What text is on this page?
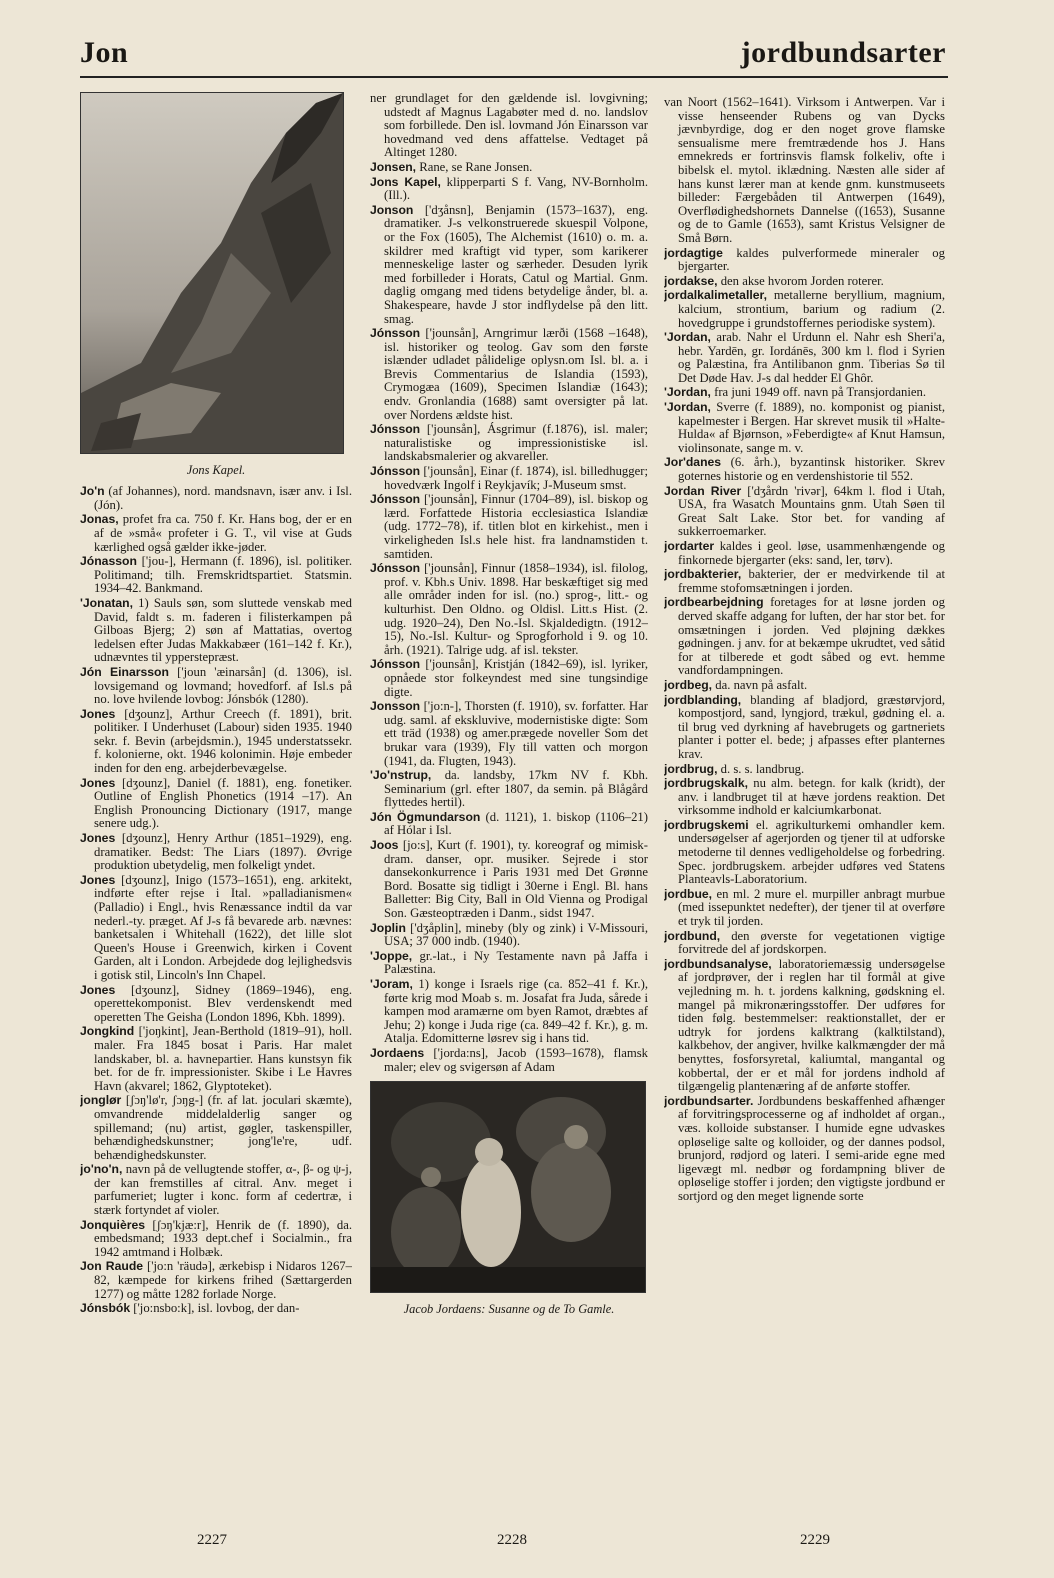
Jon	jordbundsarter
Jons Kapel.
Jo'n (af Johannes), nord. mandsnavn, især anv. i Isl. (Jón).
Jonas, profet fra ca. 750 f. Kr. Hans bog, der er en af de »små« profeter i G. T., vil vise at Guds kærlighed også gælder ikke-jøder.
Jónasson ['jou-], Hermann (f. 1896), isl. politiker. Politimand; tilh. Fremskridtspartiet. Statsmin. 1934–42. Bankmand.
'Jonatan, 1) Sauls søn, som sluttede venskab med David, faldt s. m. faderen i filisterkampen på Gilboas Bjerg; 2) søn af Mattatias, overtog ledelsen efter Judas Makkabæer (161–142 f. Kr.), udnævntes til ypperstepræst.
Jón Einarsson ['joun 'æinarsån] (d. 1306), isl. lovsigemand og lovmand; hovedforf. af Isl.s på no. love hvilende lovbog: Jónsbók (1280).
Jones [dʒounz], Arthur Creech (f. 1891), brit. politiker. I Underhuset (Labour) siden 1935. 1940 sekr. f. Bevin (arbejdsmin.), 1945 understatssekr. f. kolonierne, okt. 1946 kolonimin. Høje embeder inden for den eng. arbejderbevægelse.
Jones [dʒounz], Daniel (f. 1881), eng. fonetiker. Outline of English Phonetics (1914 –17). An English Pronouncing Dictionary (1917, mange senere udg.).
Jones [dʒounz], Henry Arthur (1851–1929), eng. dramatiker. Bedst: The Liars (1897). Øvrige produktion ubetydelig, men folkeligt yndet.
Jones [dʒounz], Inigo (1573–1651), eng. arkitekt, indførte efter rejse i Ital. »palladianismen« (Palladio) i Engl., hvis Renæssance indtil da var nederl.-ty. præget. Af J-s få bevarede arb. nævnes: banketsalen i Whitehall (1622), det lille slot Queen's House i Greenwich, kirken i Covent Garden, alt i London. Arbejdede dog lejlighedsvis i gotisk stil, Lincoln's Inn Chapel.
Jones [dʒounz], Sidney (1869–1946), eng. operettekomponist. Blev verdenskendt med operetten The Geisha (London 1896, Kbh. 1899).
Jongkind ['joŋkint], Jean-Berthold (1819–91), holl. maler. Fra 1845 bosat i Paris. Har malet landskaber, bl. a. havnepartier. Hans kunstsyn fik bet. for de fr. impressionister. Skibe i Le Havres Havn (akvarel; 1862, Glyptoteket).
jonglør [ʃɔŋ'lø'r, ʃɔŋg-] (fr. af lat. joculari skæmte), omvandrende middelalderlig sanger og spillemand; (nu) artist, gøgler, taskenspiller, behændighedskunstner; jong'le're, udf. behændighedskunster.
jo'no'n, navn på de vellugtende stoffer, α-, β- og ψ-j, der kan fremstilles af citral. Anv. meget i parfumeriet; lugter i konc. form af cedertræ, i stærk fortyndet af violer.
Jonquières [ʃɔŋ'kjæ:r], Henrik de (f. 1890), da. embedsmand; 1933 dept.chef i Socialmin., fra 1942 amtmand i Holbæk.
Jon Raude ['jo:n 'räudə], ærkebisp i Nidaros 1267–82, kæmpede for kirkens frihed (Sættargerden 1277) og måtte 1282 forlade Norge.
Jónsbók ['jo:nsbo:k], isl. lovbog, der dan-
ner grundlaget for den gældende isl. lovgivning; udstedt af Magnus Lagabøter med d. no. landslov som forbillede. Den isl. lovmand Jón Einarsson var hovedmand ved dens affattelse. Vedtaget på Altinget 1280.
Jonsen, Rane, se Rane Jonsen.
Jons Kapel, klipperparti S f. Vang, NV-Bornholm. (Ill.).
Jonson ['dʒånsn], Benjamin (1573–1637), eng. dramatiker. J-s velkonstruerede skuespil Volpone, or the Fox (1605), The Alchemist (1610) o. m. a. skildrer med kraftigt vid typer, som karikerer menneskelige laster og særheder. Desuden lyrik med forbilleder i Horats, Catul og Martial. Gnm. daglig omgang med tidens betydelige ånder, bl. a. Shakespeare, havde J stor indflydelse på den litt. smag.
Jónsson ['jounsån], Arngrimur lærði (1568 –1648), isl. historiker og teolog. Gav som den første islænder udladet pålidelige oplysn.om Isl. bl. a. i Brevis Commentarius de Islandia (1593), Crymogæa (1609), Specimen Islandiæ (1643); endv. Gronlandia (1688) samt oversigter på lat. over Nordens ældste hist.
Jónsson ['jounsån], Ásgrimur (f.1876), isl. maler; naturalistiske og impressionistiske isl. landskabsmalerier og akvareller.
Jónsson ['jounsån], Einar (f. 1874), isl. billedhugger; hovedværk Ingolf i Reykjavík; J-Museum smst.
Jónsson ['jounsån], Finnur (1704–89), isl. biskop og lærd. Forfattede Historia ecclesiastica Islandiæ (udg. 1772–78), if. titlen blot en kirkehist., men i virkeligheden Isl.s hele hist. fra landnamstiden t. samtiden.
Jónsson ['jounsån], Finnur (1858–1934), isl. filolog, prof. v. Kbh.s Univ. 1898. Har beskæftiget sig med alle områder inden for isl. (no.) sprog-, litt.- og kulturhist. Den Oldno. og Oldisl. Litt.s Hist. (2. udg. 1920–24), Den No.-Isl. Skjaldedigtn. (1912–15), No.-Isl. Kultur- og Sprogforhold i 9. og 10. årh. (1921). Talrige udg. af isl. tekster.
Jónsson ['jounsån], Kristján (1842–69), isl. lyriker, opnåede stor folkeyndest med sine tungsindige digte.
Jonsson ['jo:n-], Thorsten (f. 1910), sv. forfatter. Har udg. saml. af ekskluvive, modernistiske digte: Som ett träd (1938) og amer.prægede noveller Som det brukar vara (1939), Fly till vatten och morgon (1941, da. Flugten, 1943).
'Jo'nstrup, da. landsby, 17km NV f. Kbh. Seminarium (grl. efter 1807, da semin. på Blågård flyttedes hertil).
Jón Ögmundarson (d. 1121), 1. biskop (1106–21) af Hólar i Isl.
Joos [jo:s], Kurt (f. 1901), ty. koreograf og mimisk-dram. danser, opr. musiker. Sejrede i stor dansekonkurrence i Paris 1931 med Det Grønne Bord. Bosatte sig tidligt i 30erne i Engl. Bl. hans Balletter: Big City, Ball in Old Vienna og Prodigal Son. Gæsteoptræden i Danm., sidst 1947.
Joplin ['dʒåplin], mineby (bly og zink) i V-Missouri, USA; 37 000 indb. (1940).
'Joppe, gr.-lat., i Ny Testamente navn på Jaffa i Palæstina.
'Joram, 1) konge i Israels rige (ca. 852–41 f. Kr.), førte krig mod Moab s. m. Josafat fra Juda, sårede i kampen mod aramærne om byen Ramot, dræbtes af Jehu; 2) konge i Juda rige (ca. 849–42 f. Kr.), g. m. Atalja. Edomitterne løsrev sig i hans tid.
Jordaens ['jorda:ns], Jacob (1593–1678), flamsk maler; elev og svigersøn af Adam
Jacob Jordaens: Susanne og de To Gamle.
van Noort (1562–1641). Virksom i Antwerpen. Var i visse henseender Rubens og van Dycks jævnbyrdige, dog er den noget grove flamske sensualisme mere fremtrædende hos J. Hans emnekreds er fortrinsvis flamsk folkeliv, ofte i bibelsk el. mytol. iklædning. Næsten alle sider af hans kunst lærer man at kende gnm. kunstmuseets billeder: Færgebåden til Antwerpen (1649), Overflødighedshornets Dannelse ((1653), Susanne og de to Gamle (1653), samt Kristus Velsigner de Små Børn.
jordagtige kaldes pulverformede mineraler og bjergarter.
jordakse, den akse hvorom Jorden roterer.
jordalkalimetaller, metallerne beryllium, magnium, kalcium, strontium, barium og radium (2. hovedgruppe i grundstoffernes periodiske system).
'Jordan, arab. Nahr el Urdunn el. Nahr esh Sheri'a, hebr. Yardēn, gr. Iordánēs, 300 km l. flod i Syrien og Palæstina, fra Antilibanon gnm. Tiberias Sø til Det Døde Hav. J-s dal hedder El Ghôr.
'Jordan, fra juni 1949 off. navn på Transjordanien.
'Jordan, Sverre (f. 1889), no. komponist og pianist, kapelmester i Bergen. Har skrevet musik til »Halte-Hulda« af Bjørnson, »Feberdigte« af Knut Hamsun, violinsonate, sange m. v.
Jor'danes (6. årh.), byzantinsk historiker. Skrev goternes historie og en verdenshistorie til 552.
Jordan River ['dʒårdn 'rivər], 64km l. flod i Utah, USA, fra Wasatch Mountains gnm. Utah Søen til Great Salt Lake. Stor bet. for vanding af sukkerroemarker.
jordarter kaldes i geol. løse, usammenhængende og finkornede bjergarter (eks: sand, ler, tørv).
jordbakterier, bakterier, der er medvirkende til at fremme stofomsætningen i jorden.
jordbearbejdning foretages for at løsne jorden og derved skaffe adgang for luften, der har stor bet. for omsætningen i jorden. Ved pløjning dækkes gødningen. j anv. for at bekæmpe ukrudtet, ved såtid for at tilberede et godt såbed og evt. hemme vandfordampningen.
jordbeg, da. navn på asfalt.
jordblanding, blanding af bladjord, græstørvjord, kompostjord, sand, lyngjord, trækul, gødning el. a. til brug ved dyrkning af havebrugets og gartneriets planter i potter el. bede; j afpasses efter planternes krav.
jordbrug, d. s. s. landbrug.
jordbrugskalk, nu alm. betegn. for kalk (kridt), der anv. i landbruget til at hæve jordens reaktion. Det virksomme indhold er kalciumkarbonat.
jordbrugskemi el. agrikulturkemi omhandler kem. undersøgelser af agerjorden og tjener til at udforske metoderne til dennes vedligeholdelse og forbedring. Spec. jordbrugskem. arbejder udføres ved Statens Planteavls-Laboratorium.
jordbue, en ml. 2 mure el. murpiller anbragt murbue (med issepunktet nedefter), der tjener til at overføre et tryk til jorden.
jordbund, den øverste for vegetationen vigtige forvitrede del af jordskorpen.
jordbundsanalyse, laboratoriemæssig undersøgelse af jordprøver, der i reglen har til formål at give vejledning m. h. t. jordens kalkning, gødskning el. mangel på mikronæringsstoffer. Der udføres for tiden følg. bestemmelser: reaktionstallet, der er udtryk for jordens kalktrang (kalktilstand), kalkbehov, der angiver, hvilke kalkmængder der må benyttes, fosforsyretal, kaliumtal, mangantal og kobbertal, der er et mål for jordens indhold af tilgængelig plantenæring af de anførte stoffer.
jordbundsarter. Jordbundens beskaffenhed afhænger af forvitringsprocesserne og af indholdet af organ., væs. kolloide substanser. I humide egne udvaskes opløselige salte og kolloider, og der dannes podsol, brunjord, rødjord og lateri. I semi-aride egne med ligevægt ml. nedbør og fordampning bliver de opløselige stoffer i jorden; den vigtigste jordbund er sortjord og den meget lignende sorte
2227	2228	2229
